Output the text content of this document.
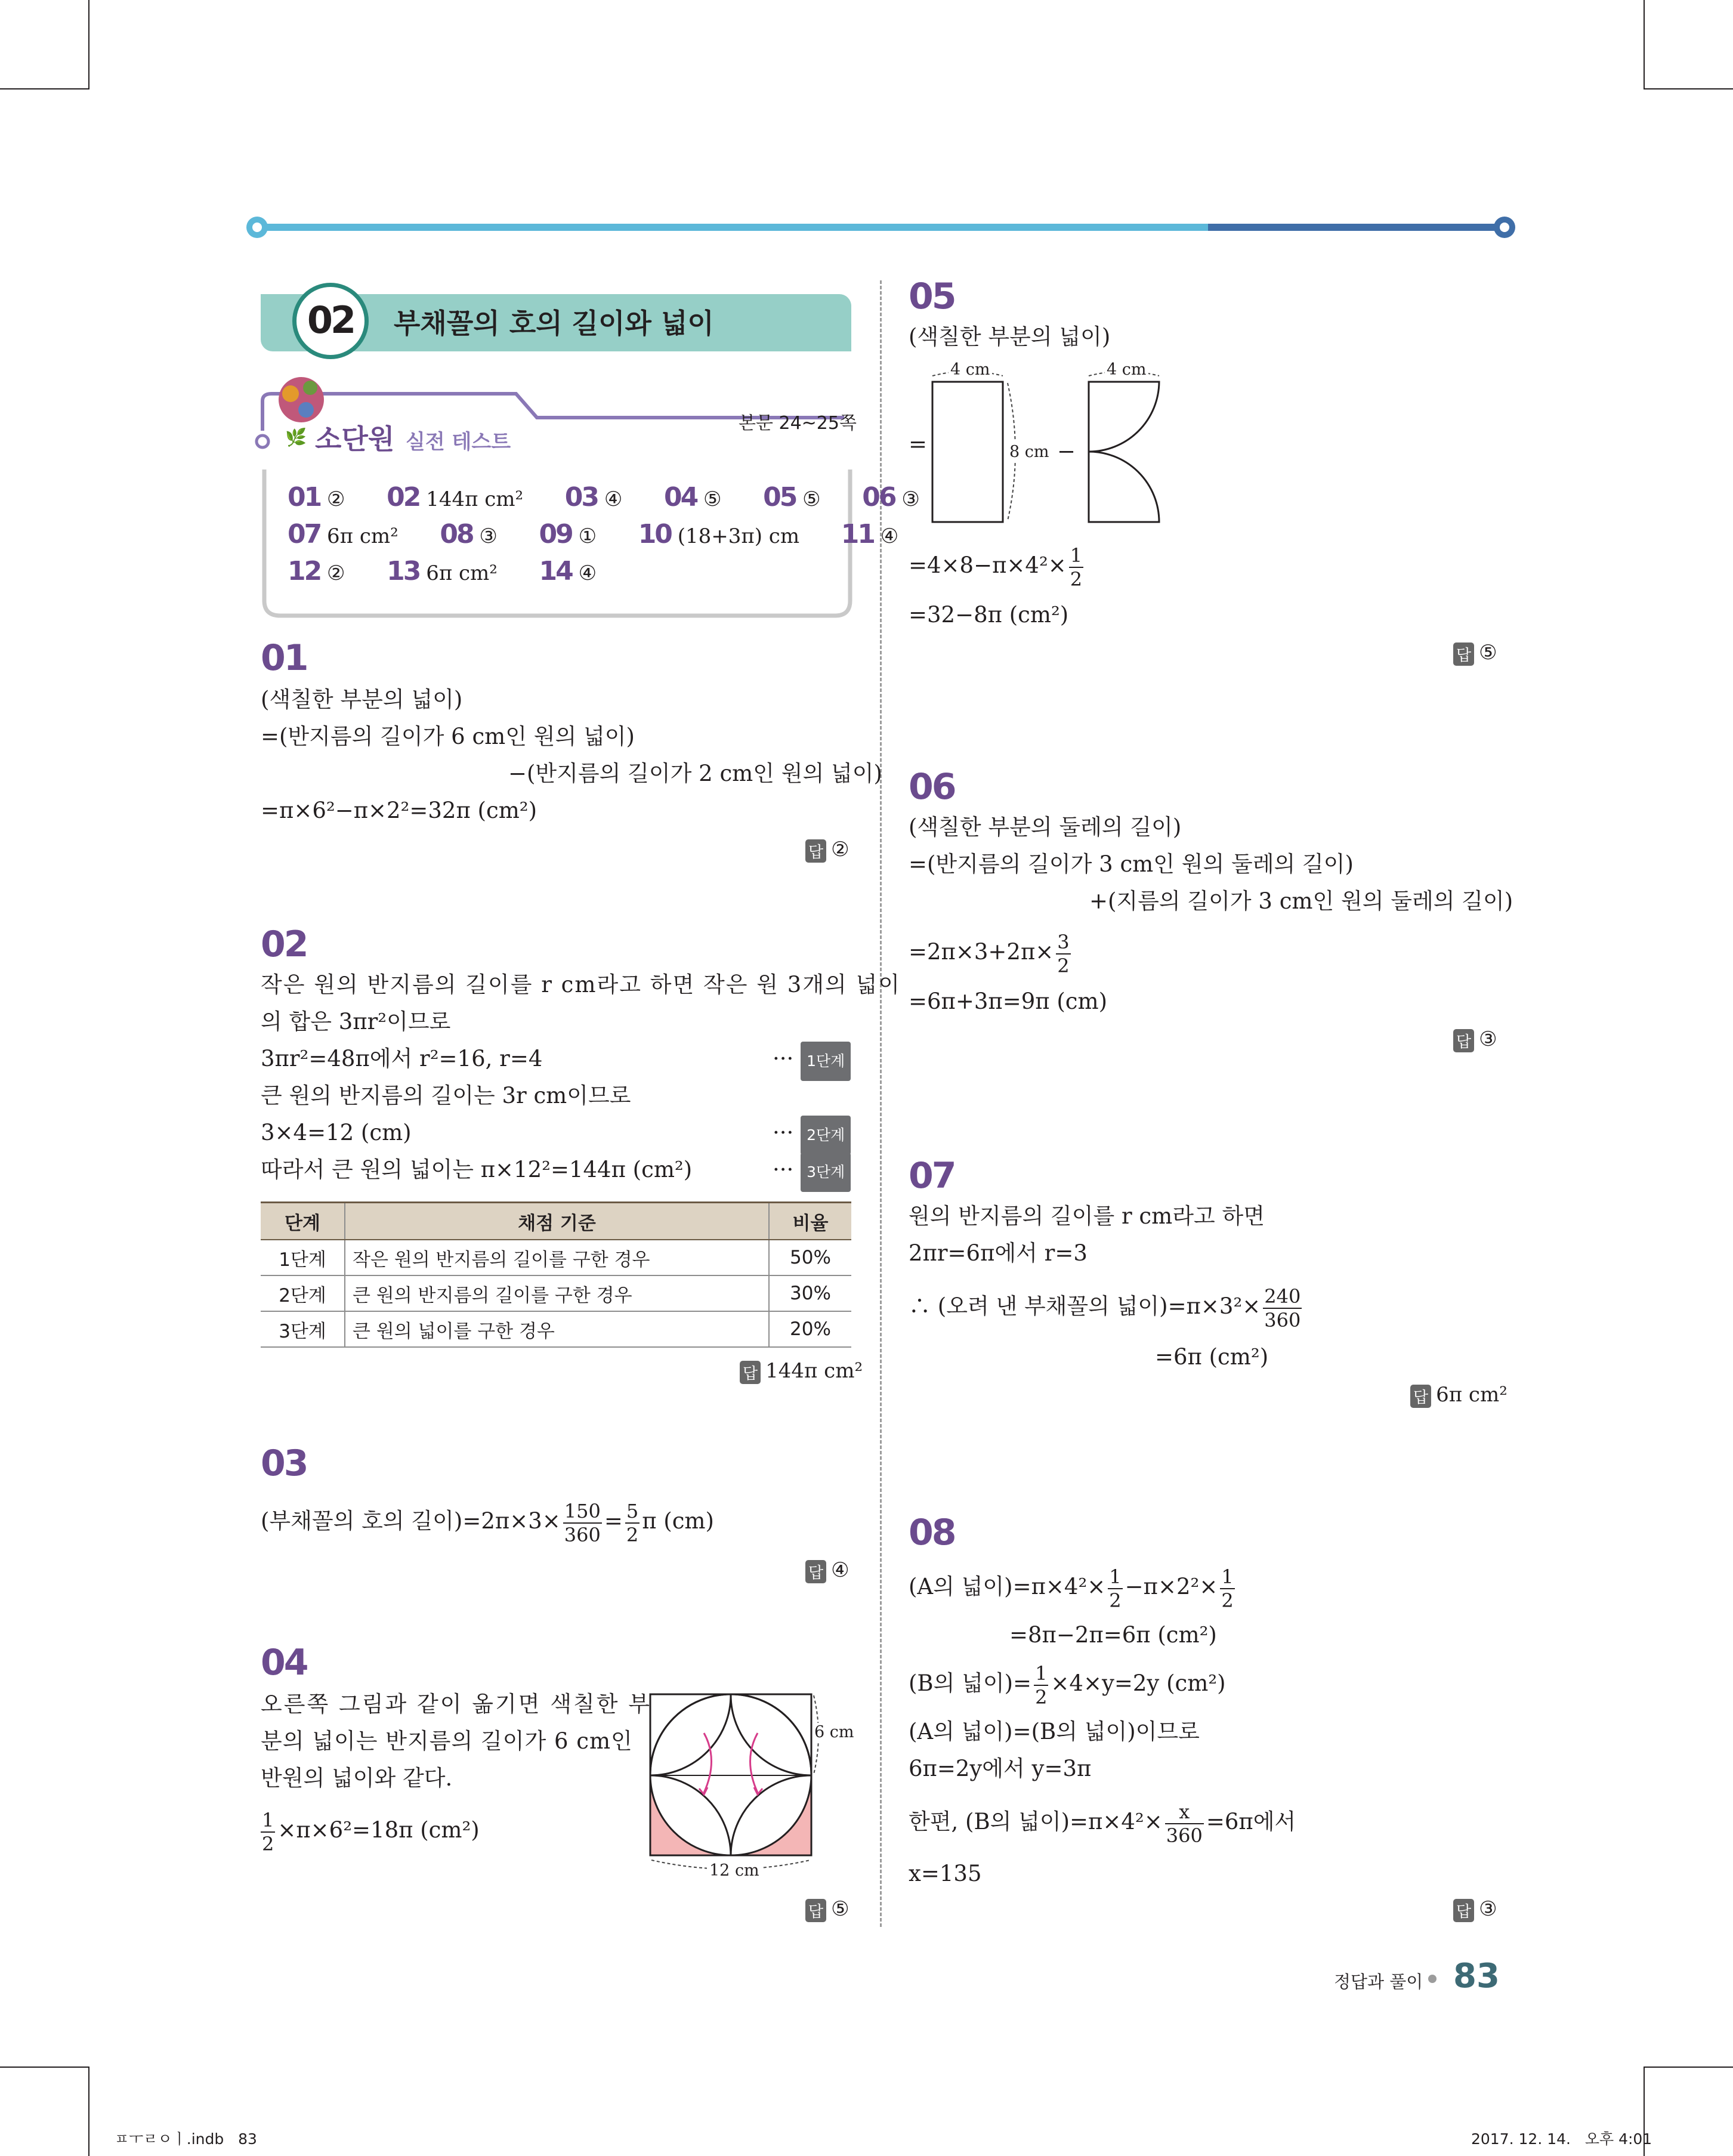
02	부채꼴의 호의 길이와 넓이
🌿 소단원 실전 테스트
본문 24~25쪽
01 ② 02 144π cm² 03 ④ 04 ⑤ 05 ⑤ 06 ③
07 6π cm² 08 ③ 09 ① 10 (18+3π) cm 11 ④
12 ② 13 6π cm² 14 ④
01
(색칠한 부분의 넓이)
=(반지름의 길이가 6 cm인 원의 넓이)
−(반지름의 길이가 2 cm인 원의 넓이)
=π×6²−π×2²=32π (cm²)
답 ②
02
작은 원의 반지름의 길이를 r cm라고 하면 작은 원 3개의 넓이
의 합은 3πr²이므로
3πr²=48π에서 r²=16, r=4
큰 원의 반지름의 길이는 3r cm이므로
3×4=12 (cm)
따라서 큰 원의 넓이는 π×12²=144π (cm²)
··· 1단계
··· 2단계
··· 3단계
단계	채점 기준	비율
1단계	작은 원의 반지름의 길이를 구한 경우	50%
2단계	큰 원의 반지름의 길이를 구한 경우	30%
3단계	큰 원의 넓이를 구한 경우	20%
답 144π cm²
03
(부채꼴의 호의 길이)$=2\pi\times 3\times \frac{150}{360} = \frac{5}{2}$ π (cm)
답 ④
04
오른쪽 그림과 같이 옮기면 색칠한 부
분의 넓이는 반지름의 길이가 6 cm인
반원의 넓이와 같다.
$\frac{1}{2} \times\pi\times 6^2=18\pi$ (cm²)
6 cm
12 cm
답 ⑤
05
(색칠한 부분의 넓이)
4 cm	4 cm
8 cm
=	−
$=4\times 8-\pi\times 4^2\times \frac{1}{2}$
=32−8π (cm²)
답 ⑤
06
(색칠한 부분의 둘레의 길이)
=(반지름의 길이가 3 cm인 원의 둘레의 길이)
+(지름의 길이가 3 cm인 원의 둘레의 길이)
$=2\pi\times 3+2\pi\times \frac{3}{2}$
=6π+3π=9π (cm)
답 ③
07
원의 반지름의 길이를 r cm라고 하면
2πr=6π에서 r=3
∴ (오려 낸 부채꼴의 넓이)$=\pi\times 3^2\times \frac{240}{360}$
=6π (cm²)
답 6π cm²
08
(A의 넓이)$=\pi\times 4^2\times \frac{1}{2} -\pi\times 2^2\times \frac{1}{2}$
=8π−2π=6π (cm²)
(B의 넓이)= $\frac{1}{2} \times 4\times y=2y$ (cm²)
(A의 넓이)=(B의 넓이)이므로
6π=2y에서 y=3π
한편, (B의 넓이)$=\pi\times 4^2\times \frac{x}{360} =6\pi$에서
x=135
답 ③
정답과 풀이 83
ㅍㅜㄹㅇㅣ.indb   83	2017. 12. 14.   오후 4:01
